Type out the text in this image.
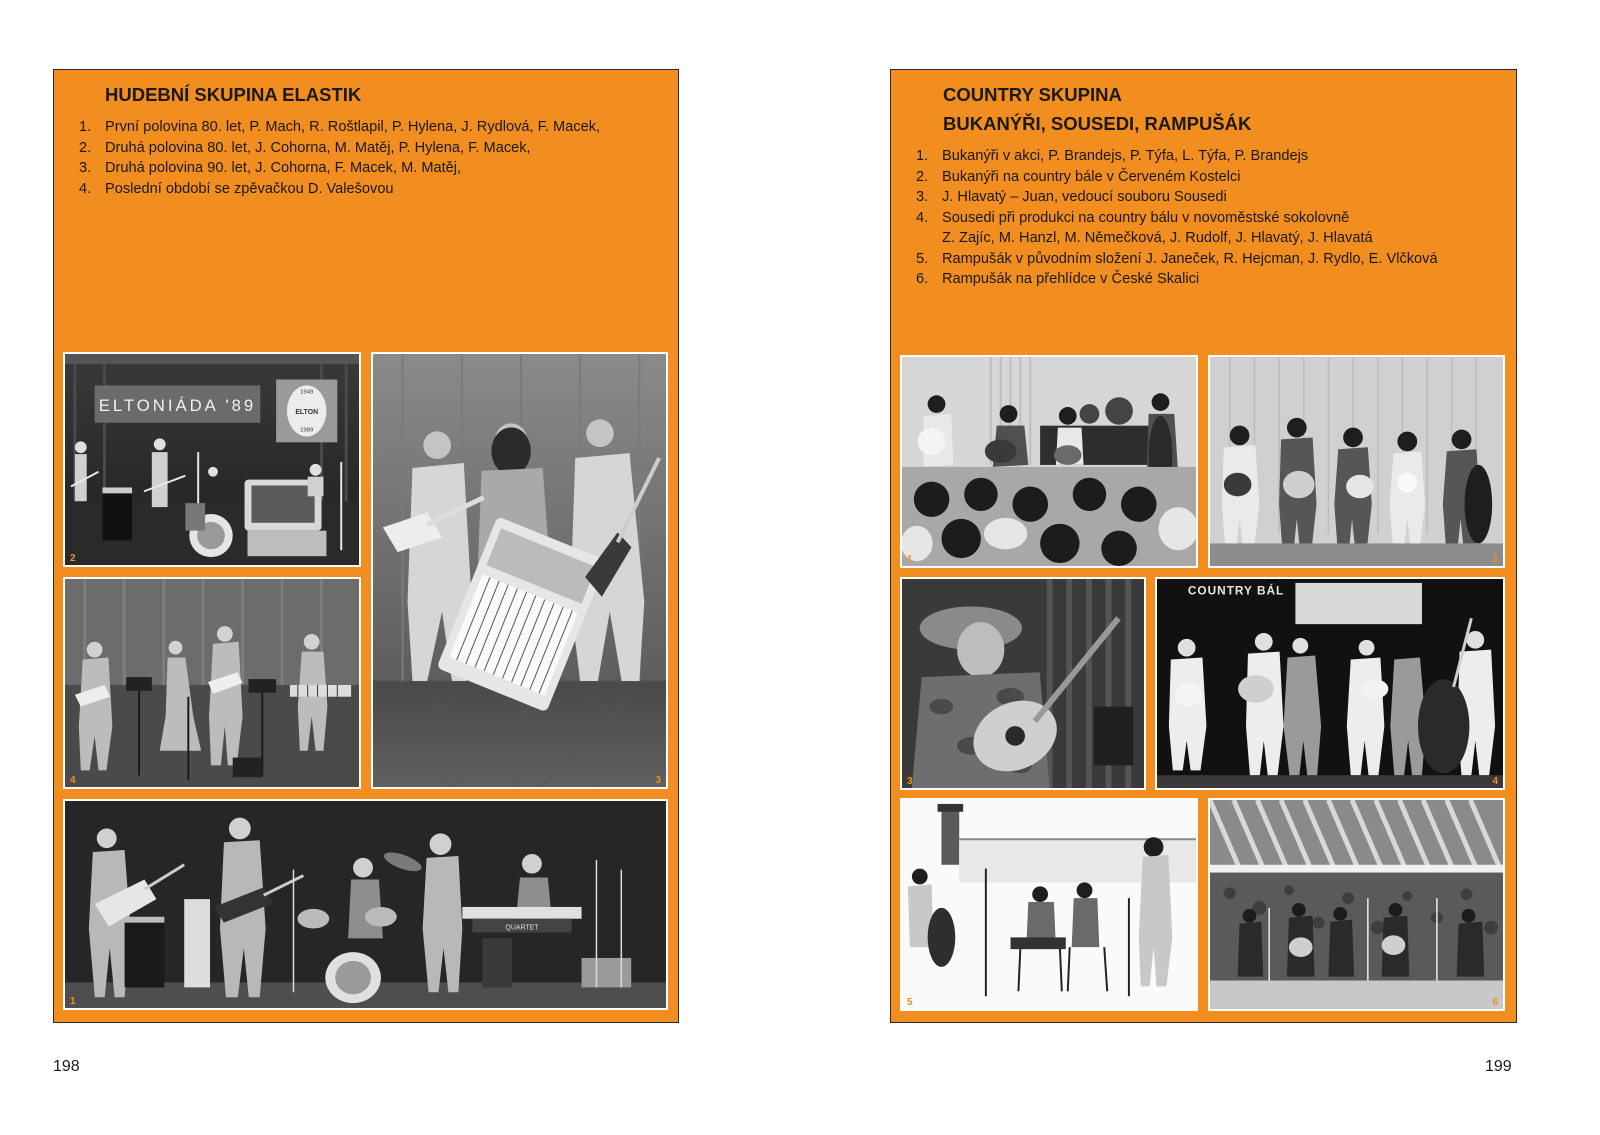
HUDEBNÍ SKUPINA ELASTIK
1. První polovina 80. let, P. Mach, R. Roštlapil, P. Hylena, J. Rydlová, F. Macek,
2. Druhá polovina 80. let, J. Cohorna, M. Matěj, P. Hylena, F. Macek,
3. Druhá polovina 90. let, J. Cohorna, F. Macek, M. Matěj,
4. Poslední období se zpěvačkou D. Valešovou
ELTONIÁDA '89
1949
ELTON
1989
2
3
4
QUARTET
1
198
COUNTRY SKUPINA
BUKANÝŘI, SOUSEDI, RAMPUŠÁK
1. Bukanýři v akci, P. Brandejs, P. Týfa, L. Týfa, P. Brandejs
2. Bukanýři na country bále v Červeném Kostelci
3. J. Hlavatý – Juan, vedoucí souboru Sousedi
4. Sousedi při produkci na country bálu v novoměstské sokolovně
Z. Zajíc, M. Hanzl, M. Němečková, J. Rudolf, J. Hlavatý, J. Hlavatá
5. Rampušák v původním složení J. Janeček, R. Hejcman, J. Rydlo, E. Vlčková
6. Rampušák na přehlídce v České Skalici
1	2
3
COUNTRY BÁL
4
5	6
199
